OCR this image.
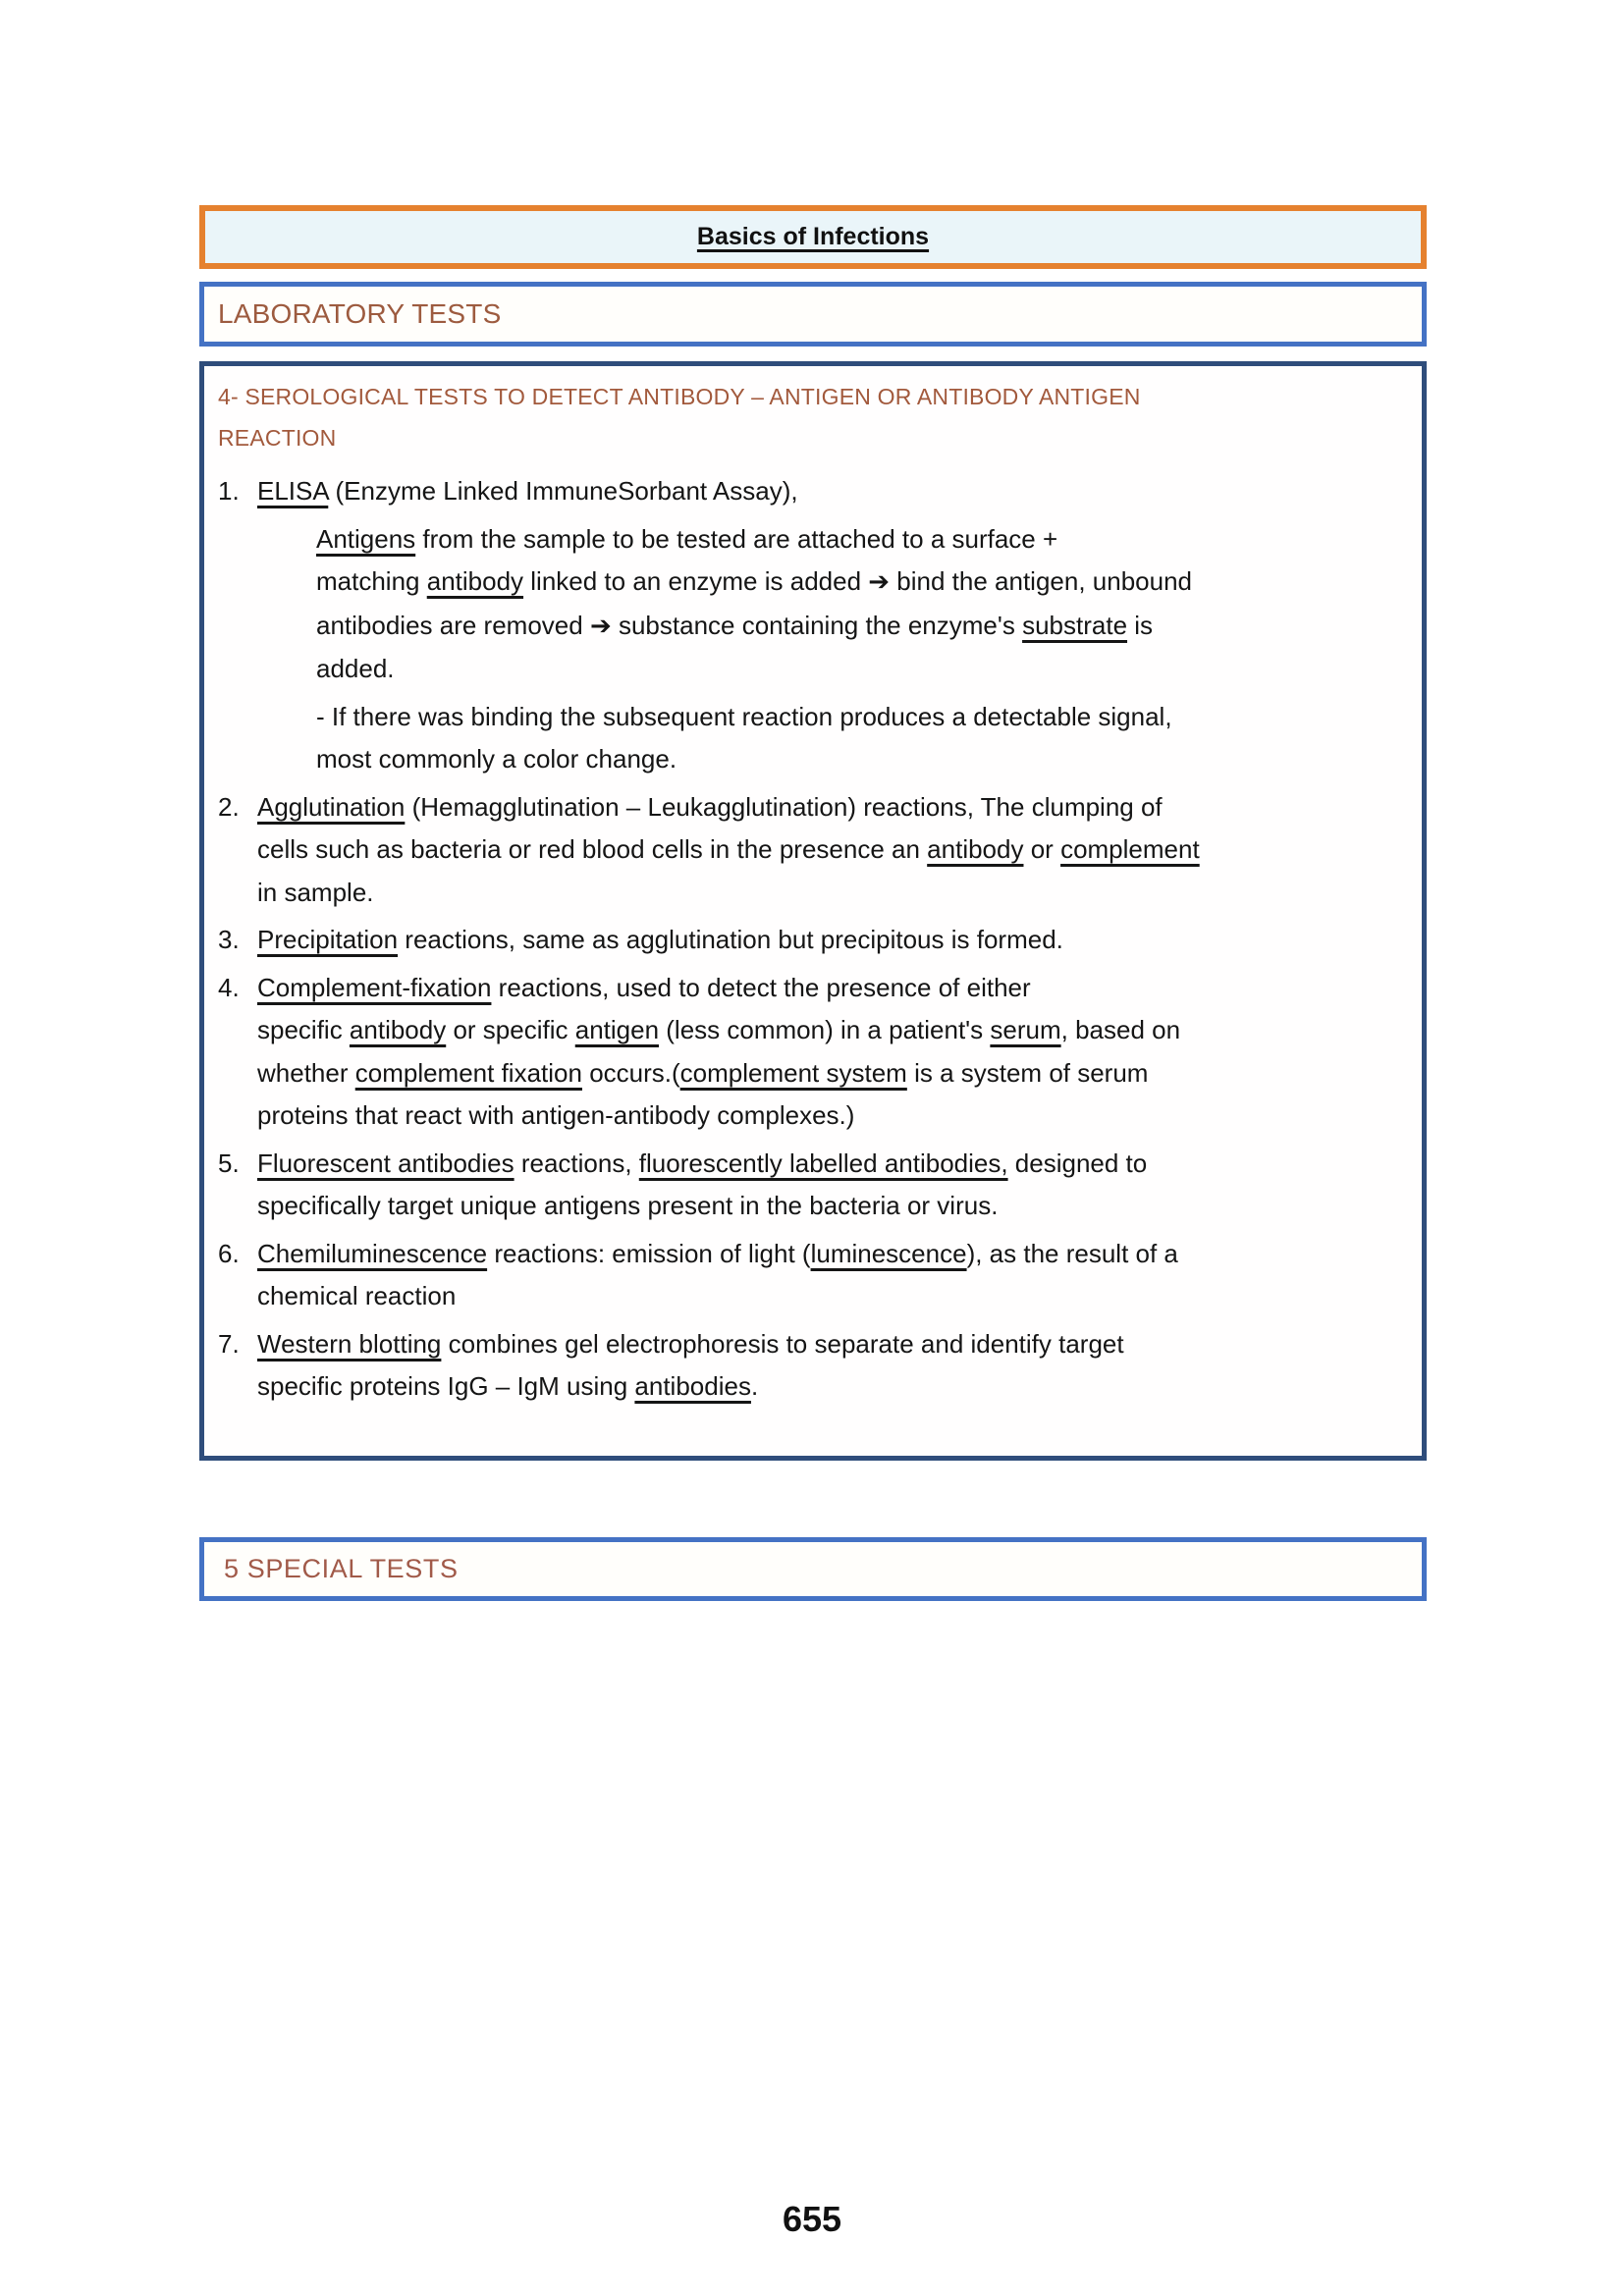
Basics of Infections
LABORATORY TESTS
4- SEROLOGICAL TESTS TO DETECT ANTIBODY – ANTIGEN OR ANTIBODY ANTIGEN
REACTION
1. ELISA (Enzyme Linked ImmuneSorbant Assay),

Antigens from the sample to be tested are attached to a surface +
matching antibody linked to an enzyme is added ➔ bind the antigen, unbound
antibodies are removed ➔ substance containing the enzyme's substrate is
added.

- If there was binding the subsequent reaction produces a detectable signal,
most commonly a color change.

2. Agglutination (Hemagglutination – Leukagglutination) reactions, The clumping of
cells such as bacteria or red blood cells in the presence an antibody or complement
in sample.

3. Precipitation reactions, same as agglutination but precipitous is formed.

4. Complement-fixation reactions, used to detect the presence of either
specific antibody or specific antigen (less common) in a patient's serum, based on
whether complement fixation occurs.(complement system is a system of serum
proteins that react with antigen-antibody complexes.)

5. Fluorescent antibodies reactions, fluorescently labelled antibodies, designed to
specifically target unique antigens present in the bacteria or virus.

6. Chemiluminescence reactions: emission of light (luminescence), as the result of a
chemical reaction

7. Western blotting combines gel electrophoresis to separate and identify target
specific proteins IgG – IgM using antibodies.

5 SPECIAL TESTS
655
